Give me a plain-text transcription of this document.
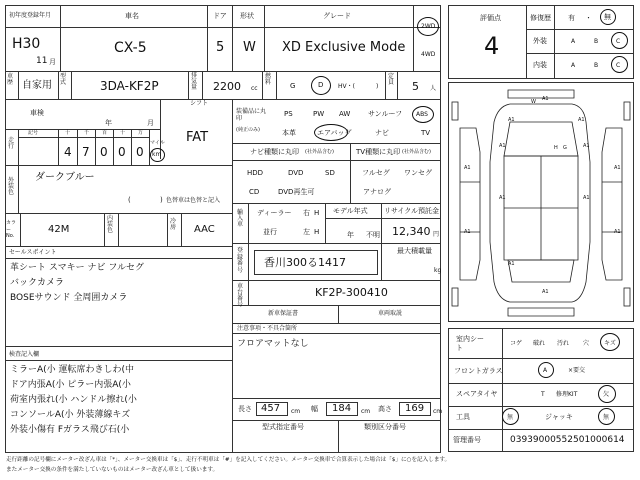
初年度登録年月
H30
11 月
車名
CX-5
ドア
5
形状
W
グレード
XD Exclusive Mode
2WD
4WD
車歴 自家用
型式	3DA-KF2P
排気量 2200 cc
燃料	G	D HV・(	)
定員 5 人
車検
年	月
シフト
FAT
走行
記号	十	千	百	十	万
4 7 0 0 0
マイル
km
外装色
ダークブルー
(	) 色替車は色替と記入
カラーNo.
42M
内装色
冷房 AAC
セールスポイント
革シート スマキー ナビ フルセグ
バックカメラ
BOSEサウンド 全周囲カメラ
検査記入欄
ミラーA(小 運転席わきしわ(中
ドア内張A(小 ピラー内張A(小
荷室内張れ(小 ハンドル擦れ(小
コンソールA(小 外装薄線キズ
外装小傷有 Fガラス飛び石(小
装備品に丸印
(純正のみ)
PS	PW AW	サンルーフ ABS
本革	エアバッグ	ナビ	TV
ナビ種類に丸印 (社外品含む)
HDD	DVD	SD
CD	DVD再生可
TV種類に丸印 (社外品含む)
フルセグ ワンセグ
アナログ
輸入車
ディーラー
並行
右 H
左 H
モデル年式
年 不明
リサイクル預託金
12,340 円
登録番号
香川300る1417
最大積載量
kg
車台番号
KF2P-300410
新車保証書	車両取説
注意事項・不具合箇所
フロアマットなし
長さ 457 cm 幅 184 cm 高さ 169 cm
型式指定番号	類別区分番号
評価点
4
修復歴 有 ・ 無
外装	A	B	C
内装	A	B	C
A1
A1	A1
A1	A1
A1	A1
A1	A1
A1	A1
A1
A1
H G
W
室内シート
コゲ 破れ 汚れ 穴 キズ
フロントガラス	A	×要交
スペアタイヤ	T 修理KIT	欠
工具	無	ジャッキ	無
管理番号	03939000552501000614
走行距離の記号欄にメーター改ざん車は「*」、メーター交換車は「$」、走行不明車は「#」を記入してください。メーター交換車で合算表示した場合は「$」に○を記入します。
またメーター交換の条件を満たしていないものはメーター改ざん車として扱います。
